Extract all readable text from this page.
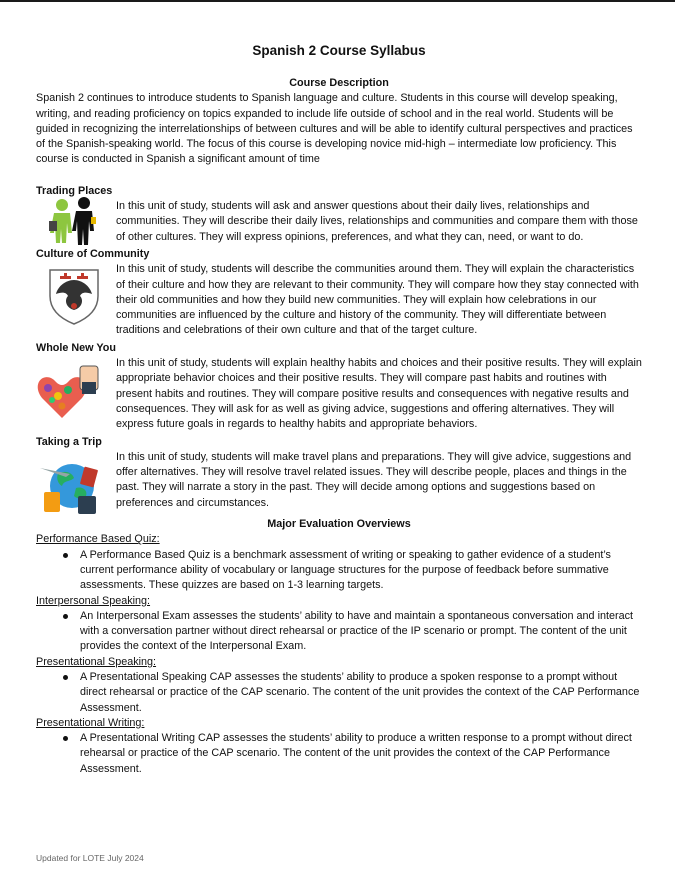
Spanish 2 Course Syllabus

Course Description

Spanish 2 continues to introduce students to Spanish language and culture. Students in this course will develop speaking, writing, and reading proficiency on topics expanded to include life outside of school and in the real world. Students will be guided in recognizing the interrelationships of between cultures and will be able to identify cultural perspectives and practices of the Spanish-speaking world. The focus of this course is developing novice mid-high – intermediate low proficiency. This course is conducted in Spanish a significant amount of time

Trading Places

In this unit of study, students will ask and answer questions about their daily lives, relationships and communities. They will describe their daily lives, relationships and communities and compare them with those of other cultures. They will express opinions, preferences, and what they can, need, or want to do.

Culture of Community

In this unit of study, students will describe the communities around them. They will explain the characteristics of their culture and how they are relevant to their community. They will compare how they stay connected with their old communities and how they build new communities. They will explain how celebrations in our communities are influenced by the culture and history of the community. They will differentiate between traditions and celebrations of their own culture and that of the target culture.

Whole New You

In this unit of study, students will explain healthy habits and choices and their positive results. They will explain appropriate behavior choices and their positive results. They will compare past habits and routines with present habits and routines. They will compare positive results and consequences with negative results and consequences. They will ask for as well as giving advice, suggestions and offering alternatives. They will express future goals in regards to healthy habits and appropriate behaviors.

Taking a Trip

In this unit of study, students will make travel plans and preparations. They will give advice, suggestions and offer alternatives. They will resolve travel related issues. They will describe people, places and things in the past. They will narrate a story in the past. They will decide among options and suggestions based on preferences and circumstances.

Major Evaluation Overviews

Performance Based Quiz:

A Performance Based Quiz is a benchmark assessment of writing or speaking to gather evidence of a student’s current performance ability of vocabulary or language structures for the purpose of feedback before summative assessments. These quizzes are based on 1-3 learning targets.

Interpersonal Speaking:

An Interpersonal Exam assesses the students’ ability to have and maintain a spontaneous conversation and interact with a conversation partner without direct rehearsal or practice of the IP scenario or prompt. The content of the unit provides the context of the Interpersonal Exam.

Presentational Speaking:

A Presentational Speaking CAP assesses the students’ ability to produce a spoken response to a prompt without direct rehearsal or practice of the CAP scenario. The content of the unit provides the context of the CAP Performance Assessment.

Presentational Writing:

A Presentational Writing CAP assesses the students’ ability to produce a written response to a prompt without direct rehearsal or practice of the CAP scenario. The content of the unit provides the context of the CAP Performance Assessment.
Updated for LOTE July 2024
